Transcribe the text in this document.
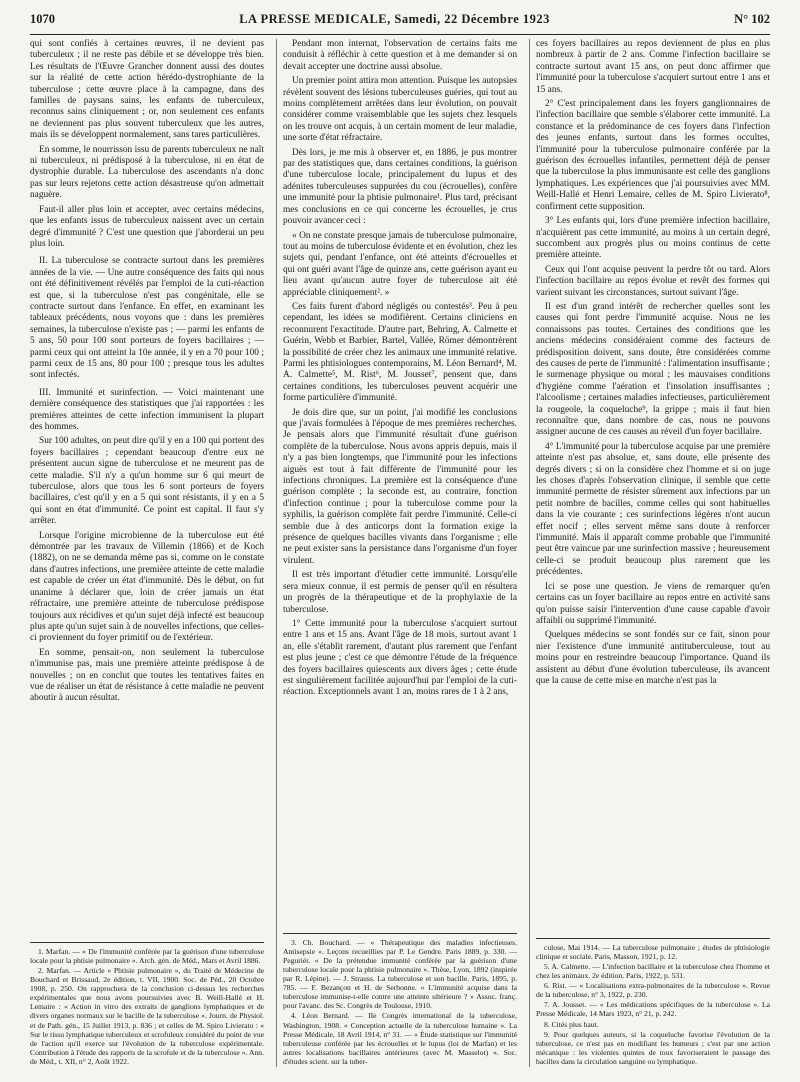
1070	LA PRESSE MEDICALE, Samedi, 22 Décembre 1923	N° 102

qui sont confiés à certaines œuvres, il ne devient pas tuberculeux ; il ne reste pas débile et se développe très bien. Les résultats de l'Œuvre Grancher donnent aussi des doutes sur la réalité de cette action hérédo-dystrophiante de la tuberculose ; cette œuvre place à la campagne, dans des familles de paysans sains, les enfants de tuberculeux, reconnus sains cliniquement ; or, non seulement ces enfants ne deviennent pas plus souvent tuberculeux que les autres, mais ils se développent normalement, sans tares particulières.

En somme, le nourrisson issu de parents tuberculeux ne naît ni tuberculeux, ni prédisposé à la tuberculose, ni en état de dystrophie durable. La tuberculose des ascendants n'a donc pas sur leurs rejetons cette action désastreuse qu'on admettait naguère.

Faut-il aller plus loin et accepter, avec certains médecins, que les enfants issus de tuberculeux naissent avec un certain degré d'immunité ? C'est une question que j'aborderai un peu plus loin.

II. La tuberculose se contracte surtout dans les premières années de la vie. — Une autre conséquence des faits qui nous ont été définitivement révélés par l'emploi de la cuti-réaction est que, si la tuberculose n'est pas congénitale, elle se contracte surtout dans l'enfance. En effet, en examinant les tableaux précédents, nous voyons que : dans les premières semaines, la tuberculose n'existe pas ; — parmi les enfants de 5 ans, 50 pour 100 sont porteurs de foyers bacillaires ; — parmi ceux qui ont atteint la 10e année, il y en a 70 pour 100 ; parmi ceux de 15 ans, 80 pour 100 ; presque tous les adultes sont infectés.

III. Immunité et surinfection. — Voici maintenant une dernière conséquence des statistiques que j'ai rapportées : les premières atteintes de cette infection immunisent la plupart des hommes.

Sur 100 adultes, on peut dire qu'il y en a 100 qui portent des foyers bacillaires ; cependant beaucoup d'entre eux ne présentent aucun signe de tuberculose et ne meurent pas de cette maladie. S'il n'y a qu'un homme sur 6 qui meurt de tuberculose, alors que tous les 6 sont porteurs de foyers bacillaires, c'est qu'il y en a 5 qui sont résistants, il y en a 5 qui sont en état d'immunité. Ce point est capital. Il faut s'y arrêter.

Lorsque l'origine microbienne de la tuberculose eut été démontrée par les travaux de Villemin (1866) et de Koch (1882), on ne se demanda même pas si, comme on le constate dans d'autres infections, une première atteinte de cette maladie est capable de créer un état d'immunité. Dès le début, on fut unanime à déclarer que, loin de créer jamais un état réfractaire, une première atteinte de tuberculose prédispose toujours aux récidives et qu'un sujet déjà infecté est beaucoup plus apte qu'un sujet sain à de nouvelles infections, que celles-ci proviennent du foyer primitif ou de l'extérieur.

En somme, pensait-on, non seulement la tuberculose n'immunise pas, mais une première atteinte prédispose à de nouvelles ; on en conclut que toutes les tentatives faites en vue de réaliser un état de résistance à cette maladie ne peuvent aboutir à aucun résultat.

1. Marfan. — « De l'immunité conférée par la guérison d'une tuberculose locale pour la phtisie pulmonaire ». Arch. gén. de Méd., Mars et Avril 1886.

2. Marfan. — Article « Phtisie pulmonaire », du Traité de Médecine de Bouchard et Brissaud, 2e édition, t. VII, 1900. Soc. de Péd., 20 Octobre 1908, p. 250. On rapprochera de la conclusion ci-dessus les recherches expérimentales que nous avons poursuivies avec B. Weill-Hallé et H. Lemaire : « Action in vitro des extraits de ganglions lymphatiques et de divers organes normaux sur le bacille de la tuberculose ». Journ. de Physiol. et de Path. gén., 15 Juillet 1913, p. 836 ; et celles de M. Spiro Livierato : « Sur le tissu lymphatique tuberculeux et scrofuleux considéré du point de vue de l'action qu'il exerce sur l'évolution de la tuberculose expérimentale. Contribution à l'étude des rapports de la scrofule et de la tuberculose ». Ann. de Méd., t. XII, n° 2, Août 1922.

Pendant mon internat, l'observation de certains faits me conduisit à réfléchir à cette question et à me demander si on devait accepter une doctrine aussi absolue.

Un premier point attira mon attention. Puisque les autopsies révèlent souvent des lésions tuberculeuses guéries, qui tout au moins complètement arrêtées dans leur évolution, on pouvait considérer comme vraisemblable que les sujets chez lesquels on les trouve ont acquis, à un certain moment de leur maladie, une sorte d'état réfractaire.

Dès lors, je me mis à observer et, en 1886, je pus montrer par des statistiques que, dans certaines conditions, la guérison d'une tuberculose locale, principalement du lupus et des adénites tuberculeuses suppurées du cou (écrouelles), confère une immunité pour la phtisie pulmonaire¹. Plus tard, précisant mes conclusions en ce qui concerne les écrouelles, je crus pouvoir avancer ceci :

« On ne constate presque jamais de tuberculose pulmonaire, tout au moins de tuberculose évidente et en évolution, chez les sujets qui, pendant l'enfance, ont été atteints d'écrouelles et qui ont guéri avant l'âge de quinze ans, cette guérison ayant eu lieu avant qu'aucun autre foyer de tuberculose ait été appréciable cliniquement². »

Ces faits furent d'abord négligés ou contestés³. Peu à peu cependant, les idées se modifièrent. Certains cliniciens en reconnurent l'exactitude. D'autre part, Behring, A. Calmette et Guérin, Webb et Barbier, Bartel, Vallée, Römer démontrèrent la possibilité de créer chez les animaux une immunité relative. Parmi les phtisiologues contemporains, M. Léon Bernard⁴, M. A. Calmette⁵, M. Rist⁶, M. Jousset⁷, pensent que, dans certaines conditions, les tuberculoses peuvent acquérir une forme particulière d'immunité.

Je dois dire que, sur un point, j'ai modifié les conclusions que j'avais formulées à l'époque de mes premières recherches. Je pensais alors que l'immunité résultait d'une guérison complète de la tuberculose. Nous avons appris depuis, mais il n'y a pas bien longtemps, que l'immunité pour les infections aiguës est tout à fait différente de l'immunité pour les infections chroniques. La première est la conséquence d'une guérison complète ; la seconde est, au contraire, fonction d'infection continue ; pour la tuberculose comme pour la syphilis, la guérison complète fait perdre l'immunité. Celle-ci semble due à des anticorps dont la formation exige la présence de quelques bacilles vivants dans l'organisme ; elle ne peut exister sans la persistance dans l'organisme d'un foyer virulent.

Il est très important d'étudier cette immunité. Lorsqu'elle sera mieux connue, il est permis de penser qu'il en résultera un progrès de la thérapeutique et de la prophylaxie de la tuberculose.

1° Cette immunité pour la tuberculose s'acquiert surtout entre 1 ans et 15 ans. Avant l'âge de 18 mois, surtout avant 1 an, elle s'établit rarement, d'autant plus rarement que l'enfant est plus jeune ; c'est ce que démontre l'étude de la fréquence des foyers bacillaires quiescents aux divers âges ; cette étude est singulièrement facilitée aujourd'hui par l'emploi de la cuti-réaction. Exceptionnels avant 1 an, moins rares de 1 à 2 ans,

3. Ch. Bouchard. — « Thérapeutique des maladies infectieuses. Antisepsie ». Leçons recueillies par P. Le Gendre. Paris 1889, p. 330. — Peguriér. « De la prétendue immunité conférée par la guérison d'une tuberculose locale pour la phtisie pulmonaire ». Thèse, Lyon, 1892 (inspirée par R. Lépine). — J. Strauss. La tuberculose et son bacille. Paris, 1895, p. 785. — F. Bezançon et H. de Serbonne. « L'immunité acquise dans la tuberculose immunise-t-elle contre une atteinte ultérieure ? » Assoc. franç. pour l'avanc. des Sc. Congrès de Toulouse, 1910.

4. Léon Bernard. — IIe Congrès international de la tuberculose, Washington, 1908. « Conception actuelle de la tuberculose humaine ». La Presse Médicale, 18 Avril 1914, n° 31. — « Étude statistique sur l'immunité tuberculeuse conférée par les écrouelles et le lupus (loi de Marfan) et les autres localisations bacillaires antérieures (avec M. Masselot) ». Soc. d'études scient. sur la tuber-

ces foyers bacillaires au repos deviennent de plus en plus nombreux à partir de 2 ans. Comme l'infection bacillaire se contracte surtout avant 15 ans, on peut donc affirmer que l'immunité pour la tuberculose s'acquiert surtout entre 1 ans et 15 ans.

2° C'est principalement dans les foyers ganglionnaires de l'infection bacillaire que semble s'élaborer cette immunité. La constance et la prédominance de ces foyers dans l'infection des jeunes enfants, surtout dans les formes occultes, l'immunité pour la tuberculose pulmonaire conférée par la guérison des écrouelles infantiles, permettent déjà de penser que la tuberculose la plus immunisante est celle des ganglions lymphatiques. Les expériences que j'ai poursuivies avec MM. Weill-Hallé et Henri Lemaire, celles de M. Spiro Livierato⁸, confirment cette supposition.

3° Les enfants qui, lors d'une première infection bacillaire, n'acquièrent pas cette immunité, au moins à un certain degré, succombent aux progrès plus ou moins continus de cette première atteinte.

Ceux qui l'ont acquise peuvent la perdre tôt ou tard. Alors l'infection bacillaire au repos évolue et revêt des formes qui varient suivant les circonstances, surtout suivant l'âge.

Il est d'un grand intérêt de rechercher quelles sont les causes qui font perdre l'immunité acquise. Nous ne les connaissons pas toutes. Certaines des conditions que les anciens médecins considéraient comme des facteurs de prédisposition doivent, sans doute, être considérées comme des causes de perte de l'immunité : l'alimentation insuffisante ; le surmenage physique ou moral ; les mauvaises conditions d'hygiène comme l'aération et l'insolation insuffisantes ; l'alcoolisme ; certaines maladies infectieuses, particulièrement la rougeole, la coqueluche⁹, la grippe ; mais il faut bien reconnaître que, dans nombre de cas, nous ne pouvons assigner aucune de ces causes au réveil d'un foyer bacillaire.

4° L'immunité pour la tuberculose acquise par une première atteinte n'est pas absolue, et, sans doute, elle présente des degrés divers ; si on la considère chez l'homme et si on juge les choses d'après l'observation clinique, il semble que cette immunité permette de résister sûrement aux infections par un petit nombre de bacilles, comme celles qui sont habituelles dans la vie courante ; ces surinfections légères n'ont aucun effet nocif ; elles servent même sans doute à renforcer l'immunité. Mais il apparaît comme probable que l'immunité peut être vaincue par une surinfection massive ; heureusement celle-ci se produit beaucoup plus rarement que les précédentes.

Ici se pose une question. Je viens de remarquer qu'en certains cas un foyer bacillaire au repos entre en activité sans qu'on puisse saisir l'intervention d'une cause capable d'avoir affaibli ou supprimé l'immunité.

Quelques médecins se sont fondés sur ce fait, sinon pour nier l'existence d'une immunité antituberculeuse, tout au moins pour en restreindre beaucoup l'importance. Quand ils assistent au début d'une évolution tuberculeuse, ils avancent que la cause de cette mise en marche n'est pas la

culose, Mai 1914. — La tuberculose pulmonaire ; études de phtisiologie clinique et sociale. Paris, Masson, 1921, p. 12.

5. A. Calmette. — L'infection bacillaire et la tuberculose chez l'homme et chez les animaux. 2e édition. Paris, 1922, p. 531.

6. Rist. — « Localisations extra-pulmonaires de la tuberculose ». Revue de la tuberculose, n° 3, 1922, p. 230.

7. A. Jousset. — « Les médications spécifiques de la tuberculose ». La Presse Médicale, 14 Mars 1923, n° 21, p. 242.

8. Cités plus haut.

9. Pour quelques auteurs, si la coqueluche favorise l'évolution de la tuberculose, ce n'est pas en modifiant les humeurs ; c'est par une action mécanique : les violentes quintes de toux favoriseraient le passage des bacilles dans la circulation sanguine ou lymphatique.
